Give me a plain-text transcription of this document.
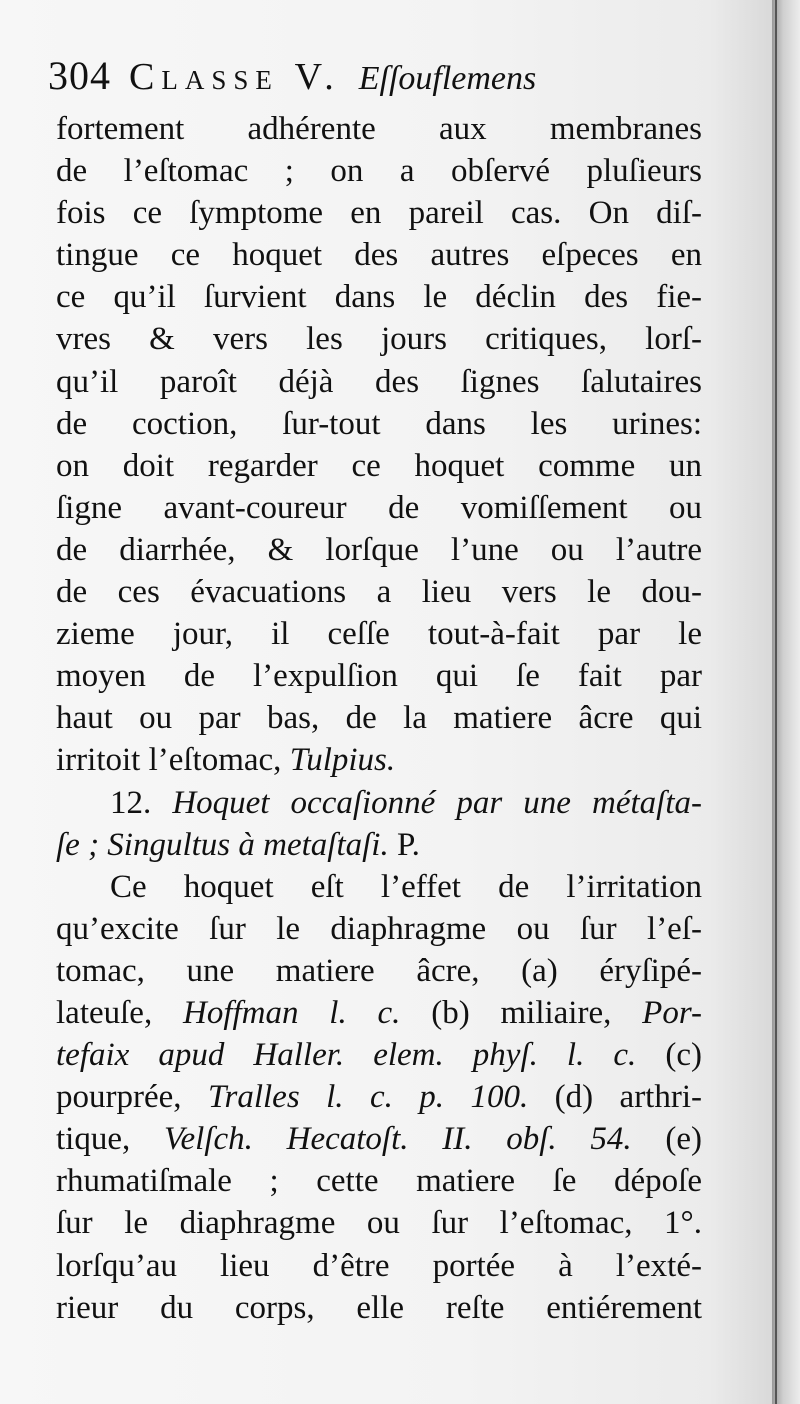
304 Classe V. Eſſouflemens
fortement adhérente aux membranes
de l’eſtomac ; on a obſervé pluſieurs
fois ce ſymptome en pareil cas. On diſ-
tingue ce hoquet des autres eſpeces en
ce qu’il ſurvient dans le déclin des fie-
vres & vers les jours critiques, lorſ-
qu’il paroît déjà des ſignes ſalutaires
de coction, ſur-tout dans les urines:
on doit regarder ce hoquet comme un
ſigne avant-coureur de vomiſſement ou
de diarrhée, & lorſque l’une ou l’autre
de ces évacuations a lieu vers le dou-
zieme jour, il ceſſe tout-à-fait par le
moyen de l’expulſion qui ſe fait par
haut ou par bas, de la matiere âcre qui
irritoit l’eſtomac, Tulpius.
12. Hoquet occaſionné par une métaſta-
ſe ; Singultus à metaſtaſi. P.
Ce hoquet eſt l’effet de l’irritation
qu’excite ſur le diaphragme ou ſur l’eſ-
tomac, une matiere âcre, (a) éryſipé-
lateuſe, Hoffman l. c. (b) miliaire, Por-
tefaix apud Haller. elem. phyſ. l. c. (c)
pourprée, Tralles l. c. p. 100. (d) arthri-
tique, Velſch. Hecatoſt. II. obſ. 54. (e)
rhumatiſmale ; cette matiere ſe dépoſe
ſur le diaphragme ou ſur l’eſtomac, 1°.
lorſqu’au lieu d’être portée à l’exté-
rieur du corps, elle reſte entiérement
